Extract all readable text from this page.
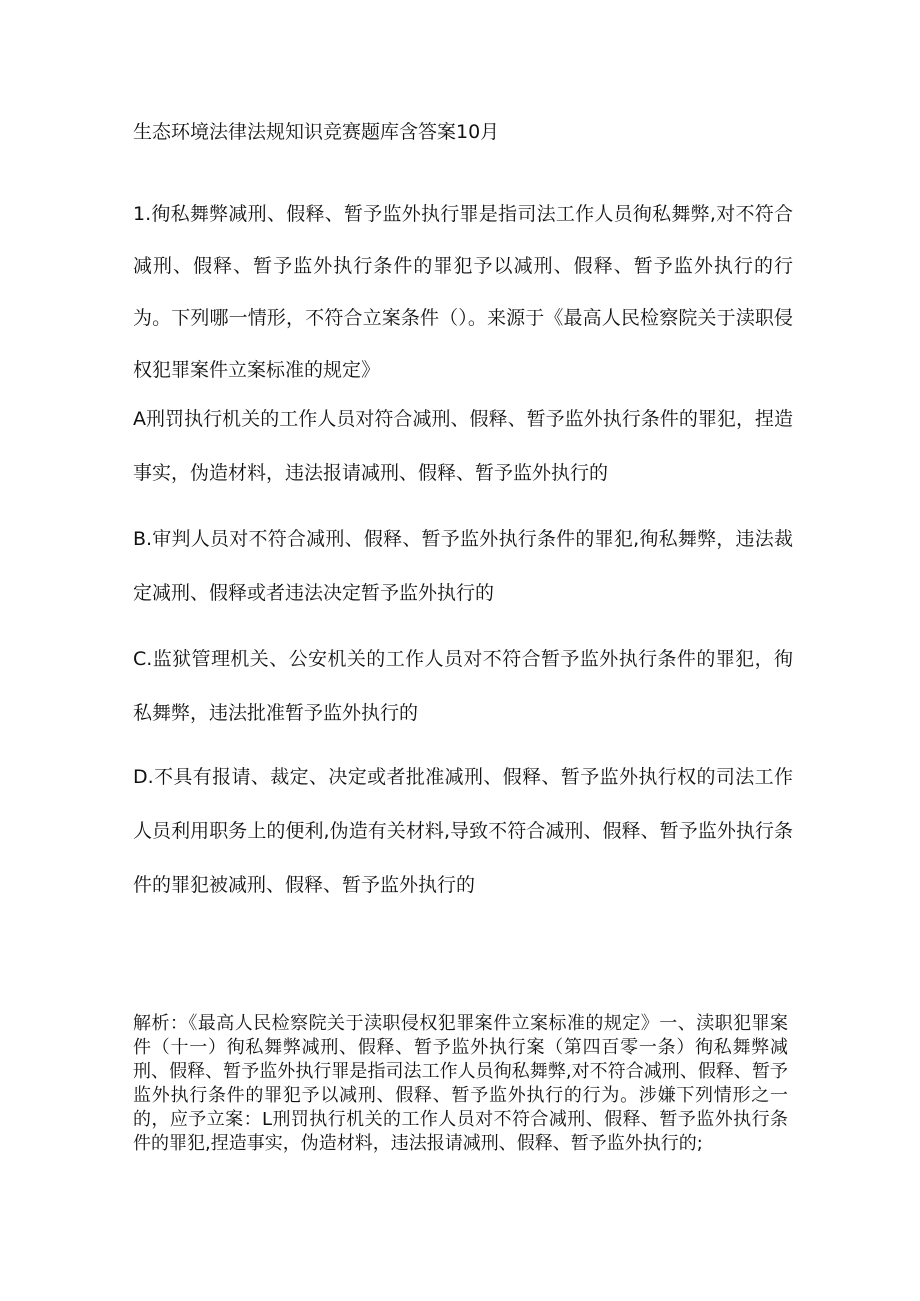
生态环境法律法规知识竞赛题库含答案10月
1.徇私舞弊减刑、假释、暂予监外执行罪是指司法工作人员徇私舞弊,对不符合减刑、假释、暂予监外执行条件的罪犯予以减刑、假释、暂予监外执行的行为。下列哪一情形，不符合立案条件（）。来源于《最高人民检察院关于渎职侵权犯罪案件立案标准的规定》
A刑罚执行机关的工作人员对符合减刑、假释、暂予监外执行条件的罪犯，捏造事实，伪造材料，违法报请减刑、假释、暂予监外执行的
B.审判人员对不符合减刑、假释、暂予监外执行条件的罪犯,徇私舞弊，违法裁定减刑、假释或者违法决定暂予监外执行的
C.监狱管理机关、公安机关的工作人员对不符合暂予监外执行条件的罪犯，徇私舞弊，违法批准暂予监外执行的
D.不具有报请、裁定、决定或者批准减刑、假释、暂予监外执行权的司法工作人员利用职务上的便利,伪造有关材料,导致不符合减刑、假释、暂予监外执行条件的罪犯被减刑、假释、暂予监外执行的
解析：《最高人民检察院关于渎职侵权犯罪案件立案标准的规定》一、渎职犯罪案件（十一）徇私舞弊减刑、假释、暂予监外执行案（第四百零一条）徇私舞弊减刑、假释、暂予监外执行罪是指司法工作人员徇私舞弊,对不符合减刑、假释、暂予监外执行条件的罪犯予以减刑、假释、暂予监外执行的行为。涉嫌下列情形之一的，应予立案：L刑罚执行机关的工作人员对不符合减刑、假释、暂予监外执行条件的罪犯,捏造事实，伪造材料，违法报请减刑、假释、暂予监外执行的;
